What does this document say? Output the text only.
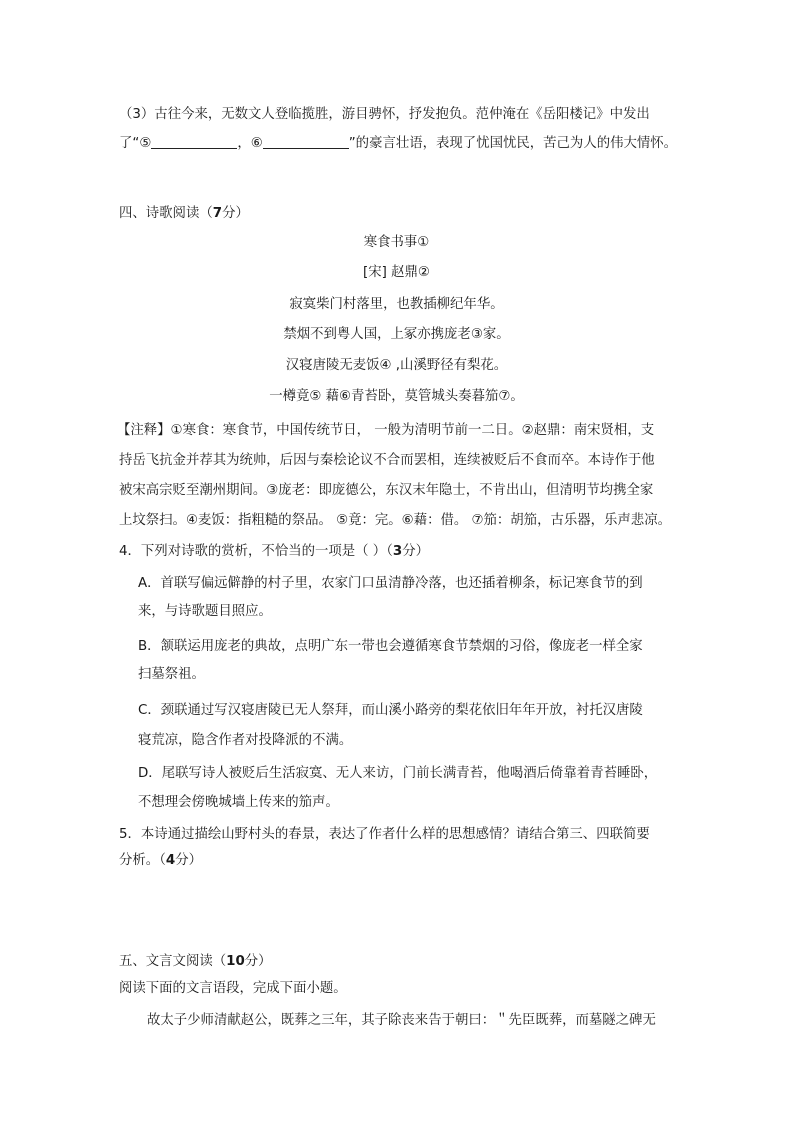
（3）古往今来，无数文人登临揽胜，游目骋怀，抒发抱负。范仲淹在《岳阳楼记》中发出
了“⑤	，⑥	”的豪言壮语，表现了忧国忧民，苦己为人的伟大情怀。
四、诗歌阅读（7分）
寒食书事①
[宋] 赵鼎②
寂寞柴门村落里，也教插柳纪年华。
禁烟不到粤人国，上冢亦携庞老③家。
汉寝唐陵无麦饭④ ,山溪野径有梨花。
一樽竟⑤ 藉⑥青苔卧，莫管城头奏暮笳⑦。
【注释】①寒食：寒食节，中国传统节日， 一般为清明节前一二日。②赵鼎：南宋贤相，支
持岳飞抗金并荐其为统帅，后因与秦桧论议不合而罢相，连续被贬后不食而卒。本诗作于他
被宋高宗贬至潮州期间。③庞老：即庞德公，东汉末年隐士，不肯出山，但清明节均携全家
上坟祭扫。④麦饭：指粗糙的祭品。 ⑤竟：完。⑥藉：借。 ⑦笳：胡笳，古乐器，乐声悲凉。
4．下列对诗歌的赏析，不恰当的一项是（ ）（3分）
A．首联写偏远僻静的村子里，农家门口虽清静冷落，也还插着柳条，标记寒食节的到
来，与诗歌题目照应。
B．颔联运用庞老的典故，点明广东一带也会遵循寒食节禁烟的习俗，像庞老一样全家
扫墓祭祖。
C．颈联通过写汉寝唐陵已无人祭拜，而山溪小路旁的梨花依旧年年开放，衬托汉唐陵
寝荒凉，隐含作者对投降派的不满。
D．尾联写诗人被贬后生活寂寞、无人来访，门前长满青苔，他喝酒后倚靠着青苔睡卧，
不想理会傍晚城墙上传来的笳声。
5．本诗通过描绘山野村头的春景，表达了作者什么样的思想感情？请结合第三、四联简要
分析。（4分）
五、文言文阅读（10分）
阅读下面的文言语段，完成下面小题。
故太子少师清献赵公，既葬之三年，其子除丧来告于朝曰：＂先臣既葬，而墓隧之碑无
